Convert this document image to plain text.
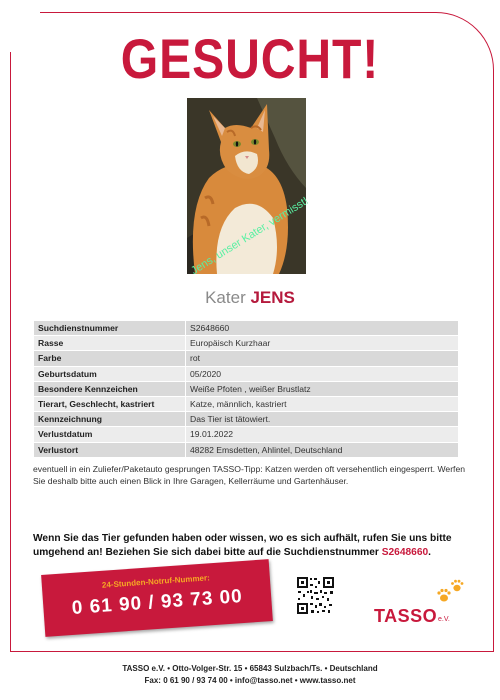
GESUCHT!
Jens, unser Kater, vermisst!
Kater JENS
Suchdienstnummer	S2648660
Rasse	Europäisch Kurzhaar
Farbe	rot
Geburtsdatum	05/2020
Besondere Kennzeichen	Weiße Pfoten , weißer Brustlatz
Tierart, Geschlecht, kastriert	Katze, männlich, kastriert
Kennzeichnung	Das Tier ist tätowiert.
Verlustdatum	19.01.2022
Verlustort	48282 Emsdetten, Ahlintel, Deutschland
eventuell in ein Zuliefer/Paketauto gesprungen TASSO-Tipp: Katzen werden oft versehentlich eingesperrt. Werfen Sie deshalb bitte auch einen Blick in Ihre Garagen, Kellerräume und Gartenhäuser.
Wenn Sie das Tier gefunden haben oder wissen, wo es sich aufhält, rufen Sie uns bitte umgehend an! Beziehen Sie sich dabei bitte auf die Suchdienstnummer S2648660.
24-Stunden-Notruf-Nummer:
0 61 90 / 93 73 00	TASSO e.V.
TASSO e.V. • Otto-Volger-Str. 15 • 65843 Sulzbach/Ts. • Deutschland
Fax: 0 61 90 / 93 74 00 • info@tasso.net • www.tasso.net
